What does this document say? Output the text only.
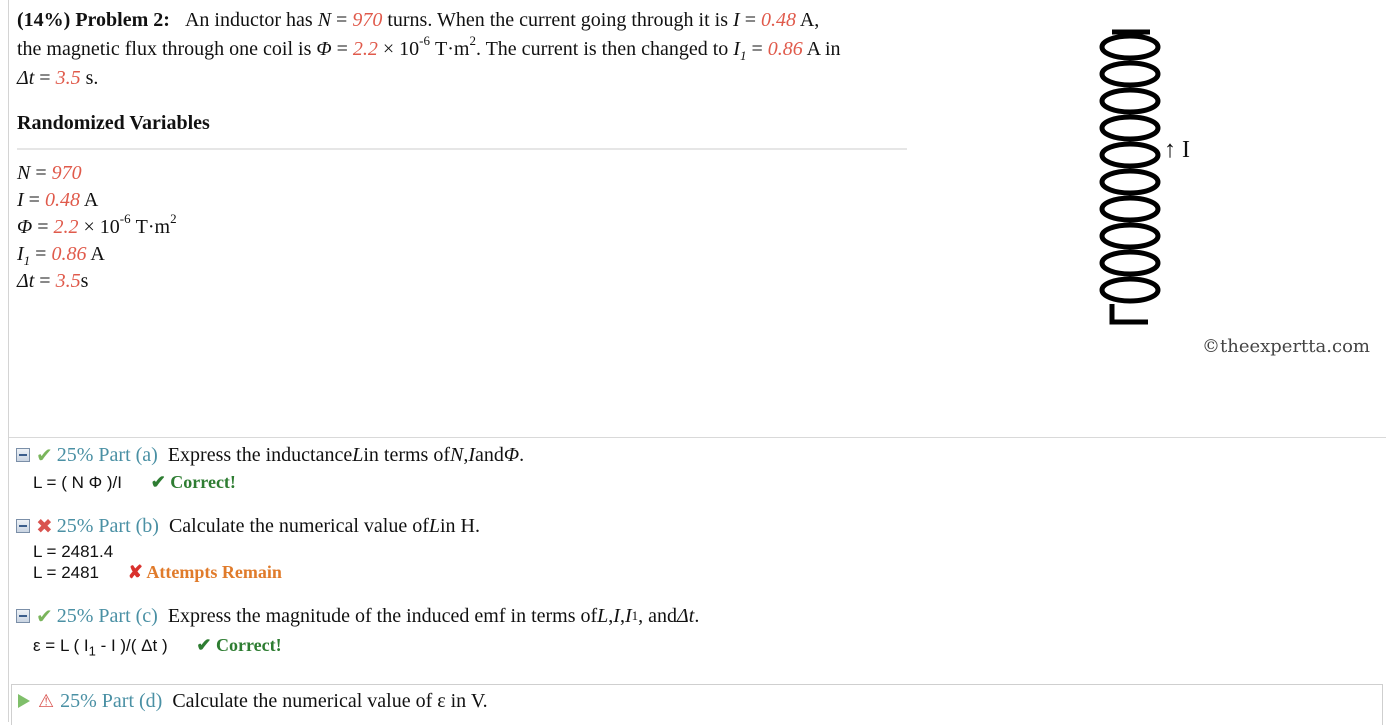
(14%) Problem 2: An inductor has N = 970 turns. When the current going through it is I = 0.48 A,
the magnetic flux through one coil is $\Phi = 2.2 \times 10^{-6}$ $T\cdot m^2$. The current is then changed to $I_1 = 0.86$ A in
Δt = 3.5 s.
Randomized Variables
N = 970
I = 0.48 A
$\Phi = 2.2 \times 10^{-6}$ $T\cdot m^2$
$I_1 = 0.86$ A
Δt = 3.5s
↑ I
©theexpertta.com
✔ 25% Part (a) Express the inductance L in terms of N , I and Φ .
L = ( N Φ )/I ✔ Correct!
✖ 25% Part (b) Calculate the numerical value of L in H.
L = 2481.4
L = 2481 ✘ Attempts Remain
✔ 25% Part (c) Express the magnitude of the induced emf in terms of L , I , I 1 , and Δt .
ε = L ( $I_1$ - I )/( Δt ) ✔ Correct!
⚠ 25% Part (d) Calculate the numerical value of ε in V.
